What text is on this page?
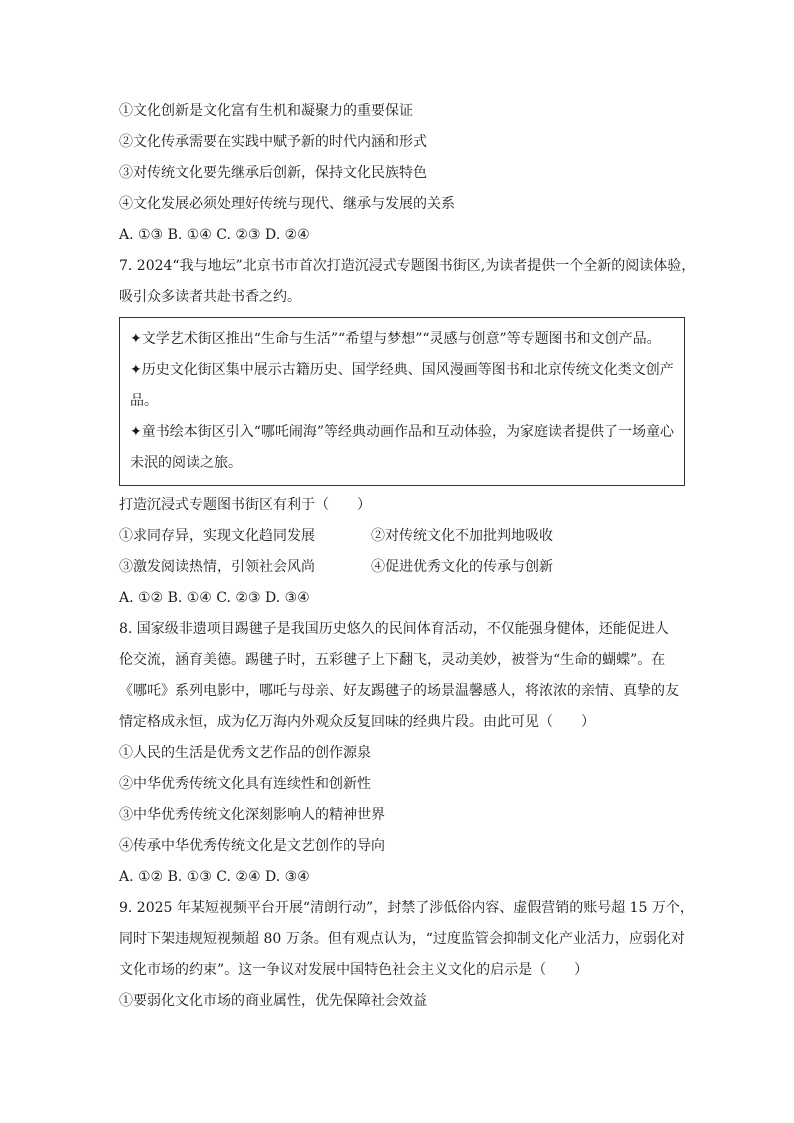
①文化创新是文化富有生机和凝聚力的重要保证
②文化传承需要在实践中赋予新的时代内涵和形式
③对传统文化要先继承后创新，保持文化民族特色
④文化发展必须处理好传统与现代、继承与发展的关系
A. ①③ B. ①④ C. ②③ D. ②④
7. 2024“我与地坛”北京书市首次打造沉浸式专题图书街区,为读者提供一个全新的阅读体验，
吸引众多读者共赴书香之约。
✦文学艺术街区推出“生命与生活”“希望与梦想”“灵感与创意”等专题图书和文创产品。
✦历史文化街区集中展示古籍历史、国学经典、国风漫画等图书和北京传统文化类文创产
品。
✦童书绘本街区引入“哪吒闹海”等经典动画作品和互动体验，为家庭读者提供了一场童心
未泯的阅读之旅。
打造沉浸式专题图书街区有利于（　　）
①求同存异，实现文化趋同发展	②对传统文化不加批判地吸收
③激发阅读热情，引领社会风尚	④促进优秀文化的传承与创新
A. ①② B. ①④ C. ②③ D. ③④
8. 国家级非遗项目踢毽子是我国历史悠久的民间体育活动，不仅能强身健体，还能促进人
伦交流，涵育美德。踢毽子时，五彩毽子上下翻飞，灵动美妙，被誉为“生命的蝴蝶”。在
《哪吒》系列电影中，哪吒与母亲、好友踢毽子的场景温馨感人，将浓浓的亲情、真挚的友
情定格成永恒，成为亿万海内外观众反复回味的经典片段。由此可见（　　）
①人民的生活是优秀文艺作品的创作源泉
②中华优秀传统文化具有连续性和创新性
③中华优秀传统文化深刻影响人的精神世界
④传承中华优秀传统文化是文艺创作的导向
A. ①② B. ①③ C. ②④ D. ③④
9. 2025 年某短视频平台开展“清朗行动”，封禁了涉低俗内容、虚假营销的账号超 15 万个，
同时下架违规短视频超 80 万条。但有观点认为，“过度监管会抑制文化产业活力，应弱化对
文化市场的约束”。这一争议对发展中国特色社会主义文化的启示是（　　）
①要弱化文化市场的商业属性，优先保障社会效益
